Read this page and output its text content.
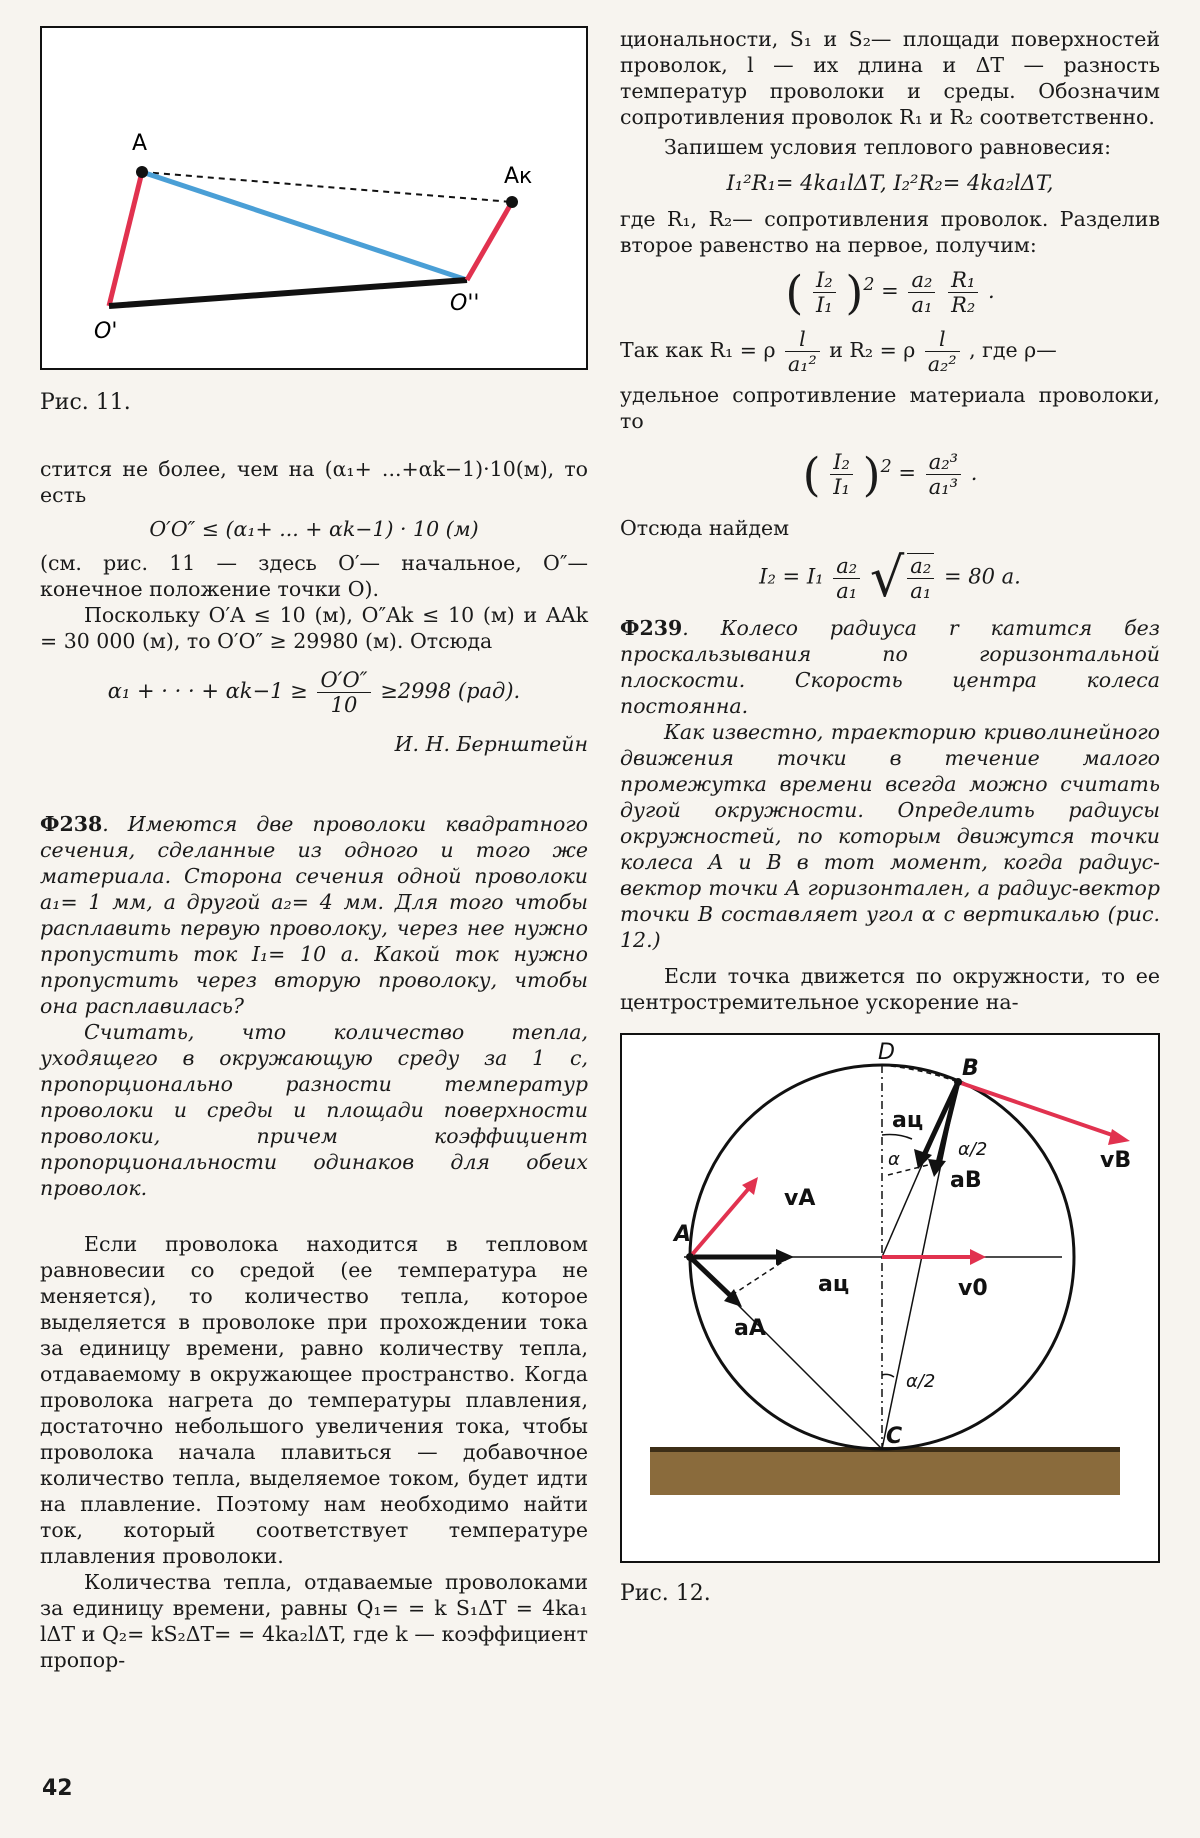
A
Aк
O'
O''

Рис. 11.

стится не более, чем на (α₁+ ...+αk−1)·10(м), то есть

O′O″ ≤ (α₁+ ... + αk−1) · 10 (м)

(см. рис. 11 — здесь O′— начальное, O″— конечное положение точки O).

Поскольку O′A ≤ 10 (м), O″Ak ≤ 10 (м) и AAk = 30 000 (м), то O′O″ ≥ 29980 (м). Отсюда

α₁ + · · · + $\alpha k-1 \ge \frac{O'O''}{10} \ge 2998$ (рад).

И. Н. Бернштейн

Ф238. Имеются две проволоки квадратного сечения, сделанные из одного и того же материала. Сторона сечения одной проволоки a₁= 1 мм, а другой a₂= 4 мм. Для того чтобы расплавить первую проволоку, через нее нужно пропустить ток I₁= 10 а. Какой ток нужно пропустить через вторую проволоку, чтобы она расплавилась?

Считать, что количество тепла, уходящего в окружающую среду за 1 с, пропорционально разности температур проволоки и среды и площади поверхности проволоки, причем коэффициент пропорциональности одинаков для обеих проволок.

Если проволока находится в тепловом равновесии со средой (ее температура не меняется), то количество тепла, которое выделяется в проволоке при прохождении тока за единицу времени, равно количеству тепла, отдаваемому в окружающее пространство. Когда проволока нагрета до температуры плавления, достаточно небольшого увеличения тока, чтобы проволока начала плавиться — добавочное количество тепла, выделяемое током, будет идти на плавление. Поэтому нам необходимо найти ток, который соответствует температуре плавления проволоки.

Количества тепла, отдаваемые проволоками за единицу времени, равны Q₁= = k S₁ΔT = 4ka₁ lΔT и Q₂= kS₂ΔT= = 4ka₂lΔT, где k — коэффициент пропор-

циональности, S₁ и S₂— площади поверхностей проволок, l — их длина и ΔT — разность температур проволоки и среды. Обозначим сопротивления проволок R₁ и R₂ соответственно.

Запишем условия теплового равновесия:

I₁²R₁= 4ka₁lΔT, I₂²R₂= 4ka₂lΔT,

где R₁, R₂— сопротивления проволок. Разделив второе равенство на первое, получим:

( $\frac{\text{I₂}}{\text{I₁}} )^2 = \frac{\text{a₂}}{\text{a₁}}$
$\frac{\text{R₁}}{\text{R₂}}$ .
Так как R₁ = ρ $\frac{l}{\text{a₁²}}$ и R₂ = ρ $\frac{l}{\text{a₂²}}$ , где ρ—

удельное сопротивление материала проволоки, то

( $\frac{\text{I₂}}{\text{I₁}} )^2 = \frac{\text{a₂³}}{\text{a₁³}}$ .

Отсюда найдем

$I_2 = I_1 \frac{\text{a₂}}{\text{a₁}}$ √ $\frac{\text{a₂}}{\text{a₁}} = 80$ a.

Ф239. Колесо радиуса r катится без проскальзывания по горизонтальной плоскости. Скорость центра колеса постоянна.

Как известно, траекторию криволинейного движения точки в течение малого промежутка времени всегда можно считать дугой окружности. Определить радиусы окружностей, по которым движутся точки колеса A и B в тот момент, когда радиус-вектор точки A горизонтален, а радиус-вектор точки B составляет угол α с вертикалью (рис. 12.)

Если точка движется по окружности, то ее центростремительное ускорение на-

D
B
A
C
vA
vB
v0
aц
aц
aA
aB
α	α/2
α/2

Рис. 12.

42
